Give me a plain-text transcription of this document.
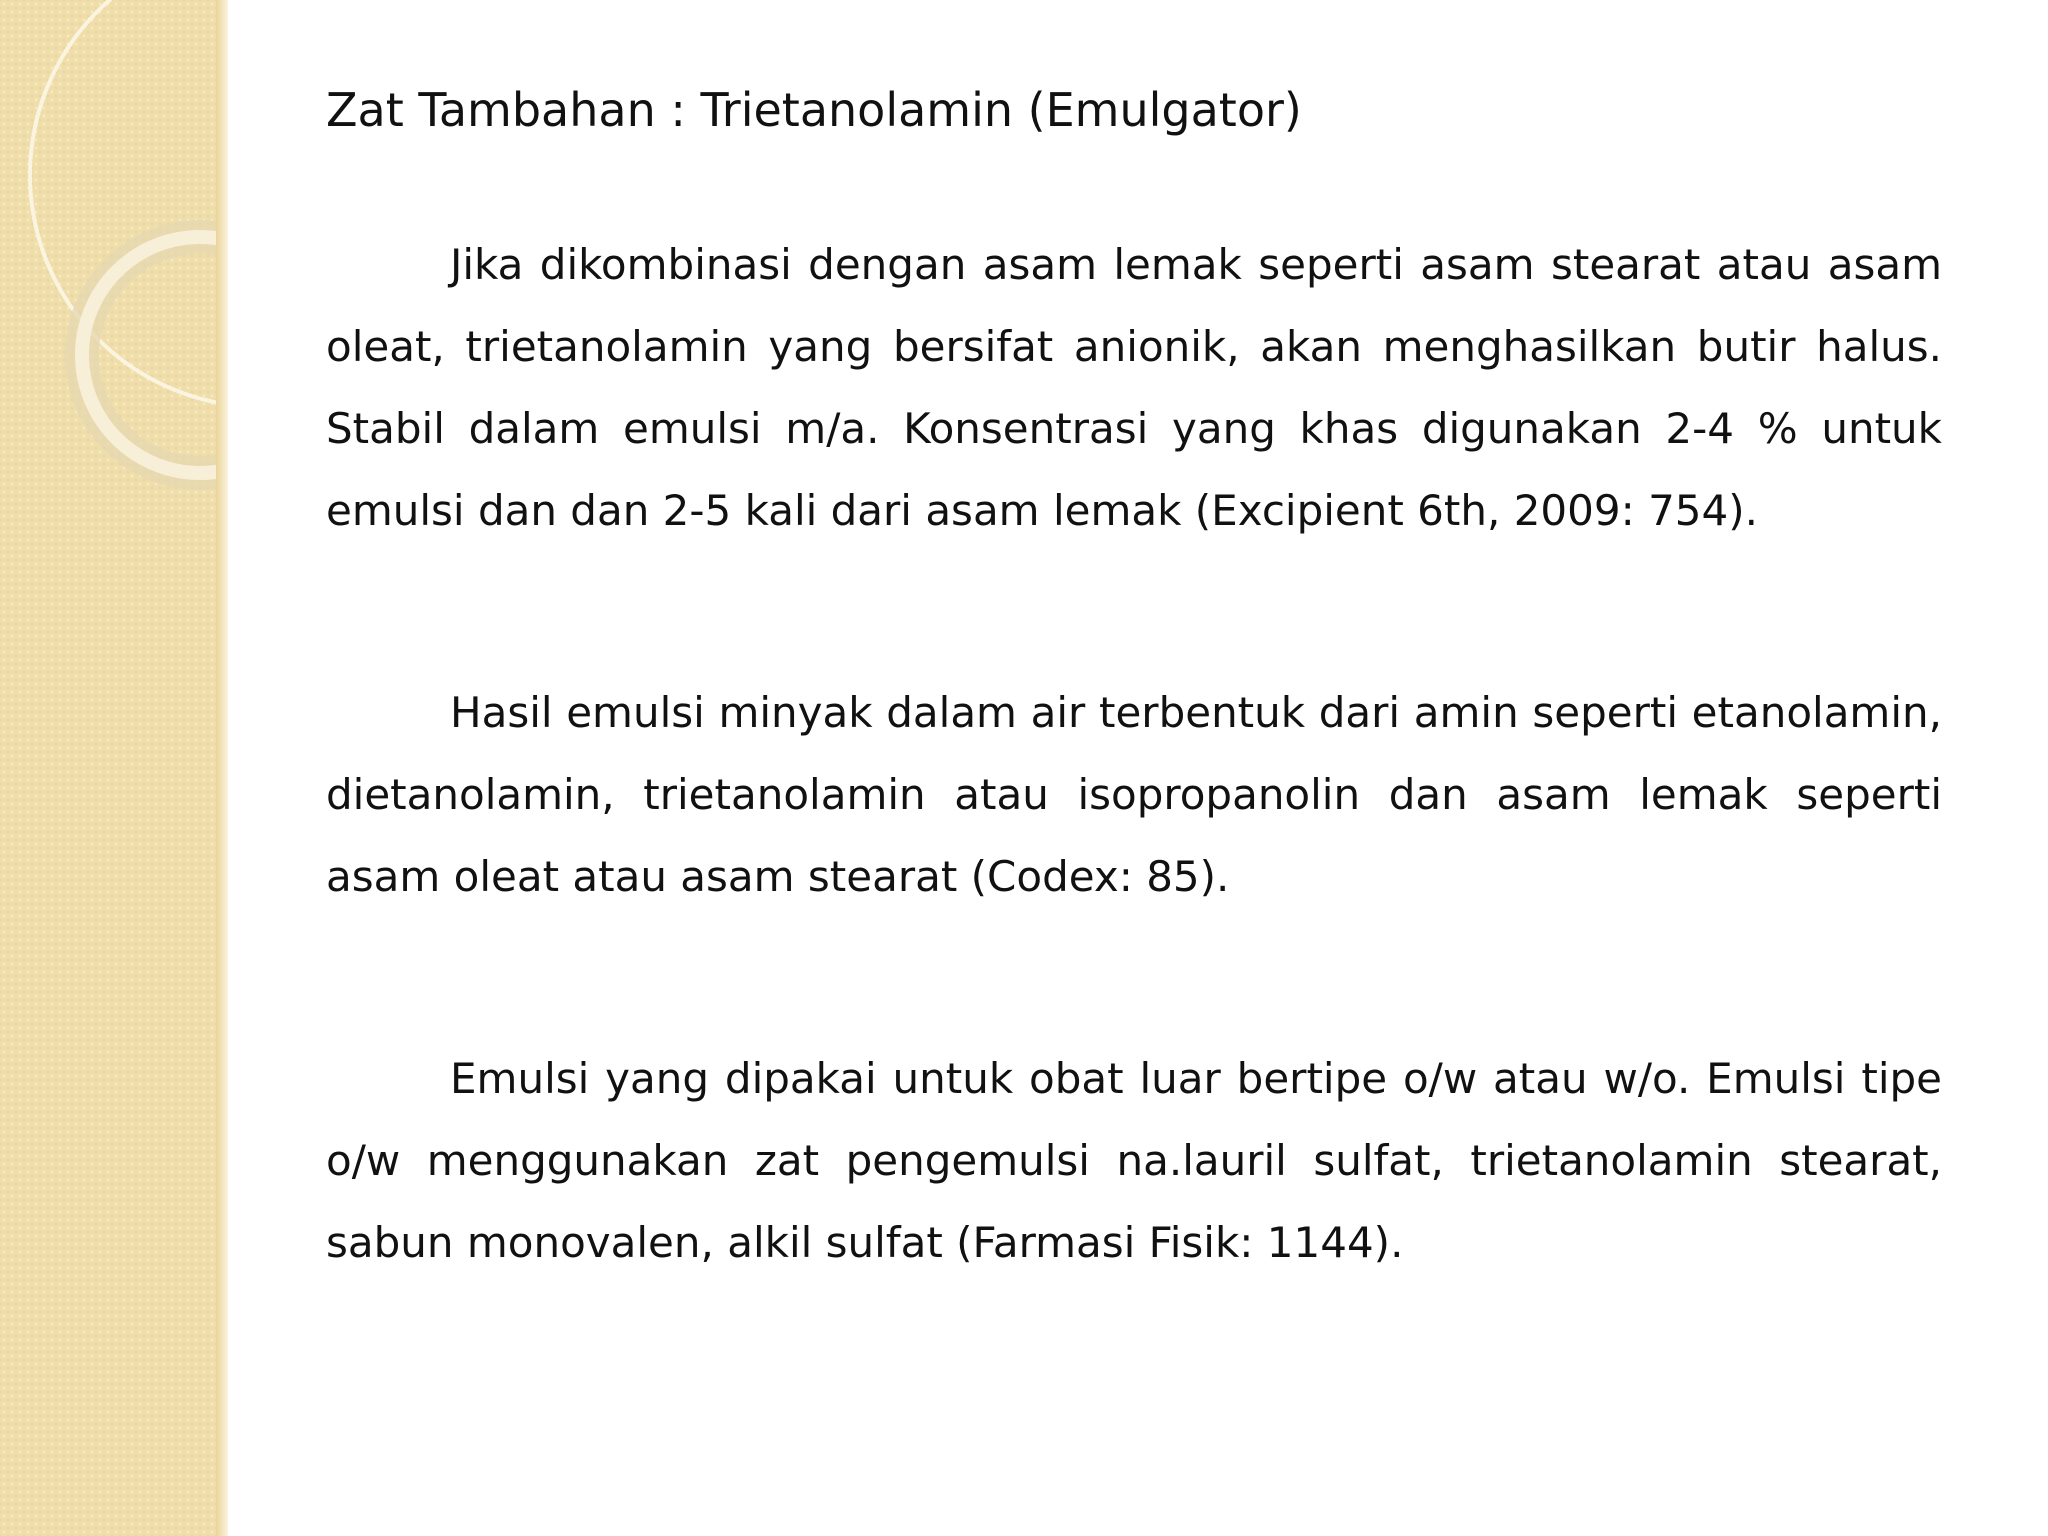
Zat Tambahan : Trietanolamin (Emulgator)

Jika dikombinasi dengan asam lemak seperti asam stearat atau asam oleat, trietanolamin yang bersifat anionik, akan menghasilkan butir halus. Stabil dalam emulsi m/a. Konsentrasi yang khas digunakan 2-4 % untuk emulsi dan dan 2-5 kali dari asam lemak (Excipient 6th, 2009: 754).

Hasil emulsi minyak dalam air terbentuk dari amin seperti etanolamin, dietanolamin, trietanolamin atau isopropanolin dan asam lemak seperti asam oleat atau asam stearat (Codex: 85).

Emulsi yang dipakai untuk obat luar bertipe o/w atau w/o. Emulsi tipe o/w menggunakan zat pengemulsi na.lauril sulfat, trietanolamin stearat, sabun monovalen, alkil sulfat (Farmasi Fisik: 1144).
